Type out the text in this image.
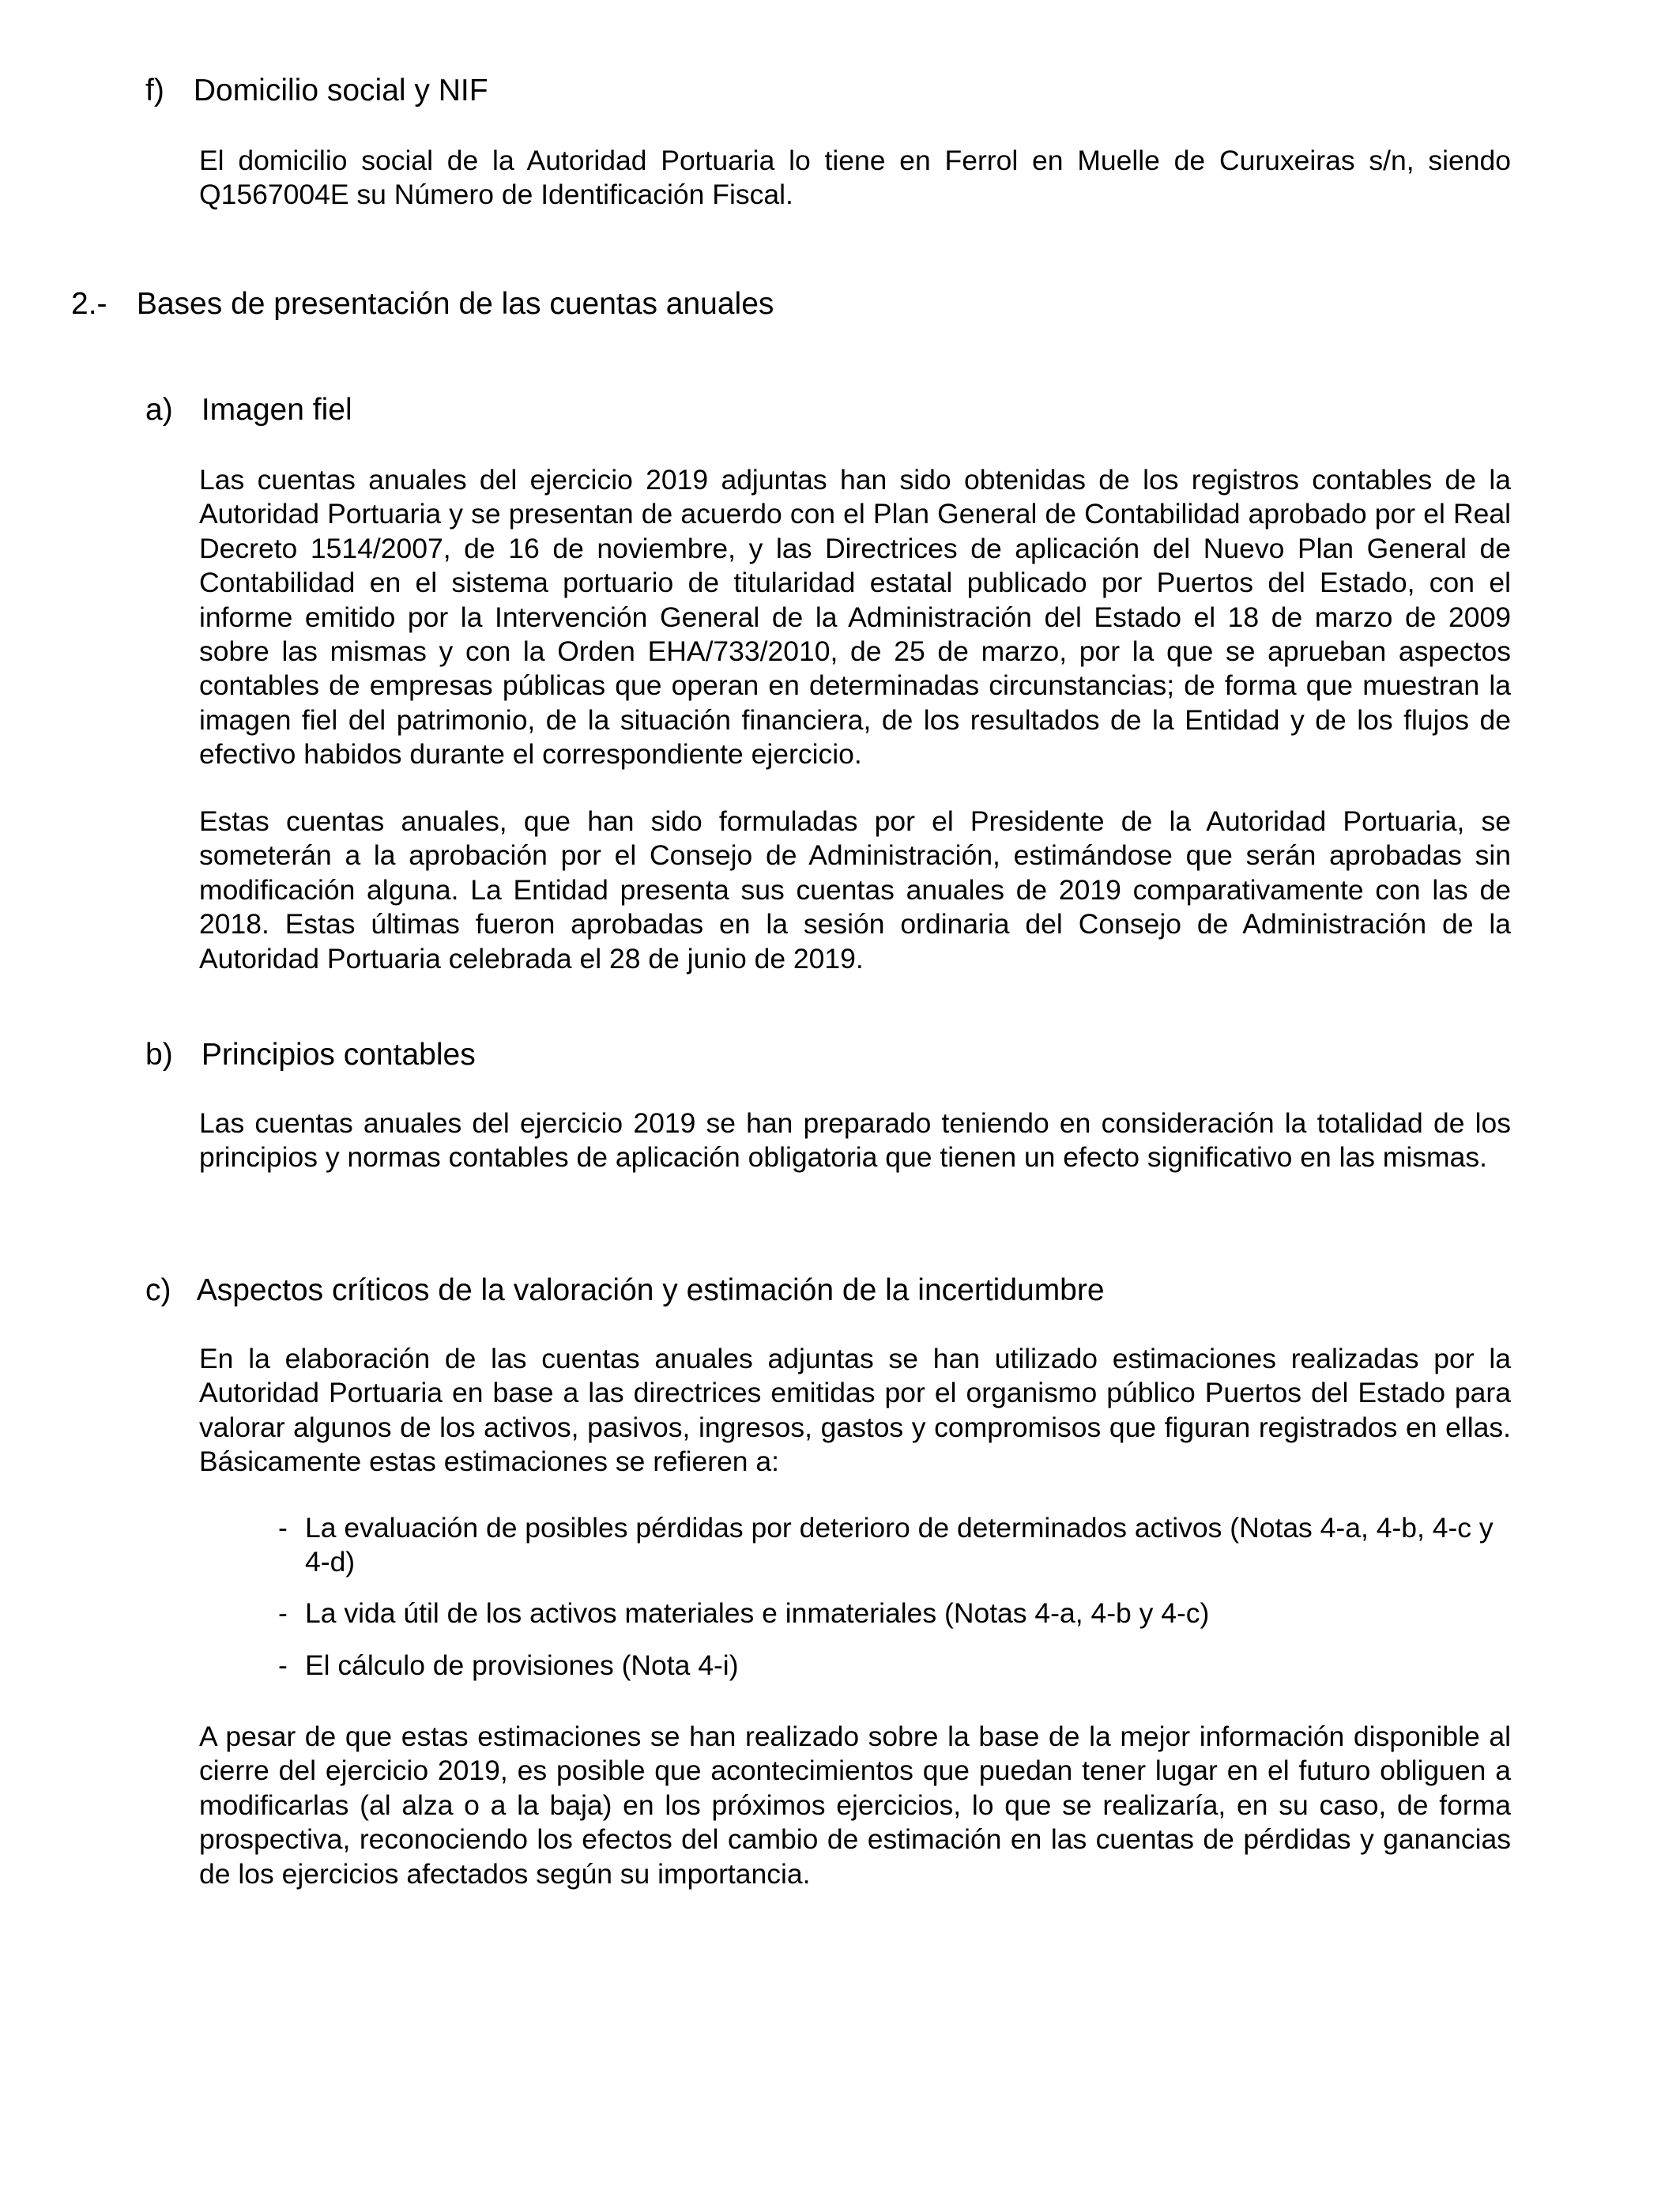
f) Domicilio social y NIF

El domicilio social de la Autoridad Portuaria lo tiene en Ferrol en Muelle de Curuxeiras s/n, siendo Q1567004E su Número de Identificación Fiscal.

2.- Bases de presentación de las cuentas anuales
a) Imagen fiel

Las cuentas anuales del ejercicio 2019 adjuntas han sido obtenidas de los registros contables de la Autoridad Portuaria y se presentan de acuerdo con el Plan General de Contabilidad aprobado por el Real Decreto 1514/2007, de 16 de noviembre, y las Directrices de aplicación del Nuevo Plan General de Contabilidad en el sistema portuario de titularidad estatal publicado por Puertos del Estado, con el informe emitido por la Intervención General de la Administración del Estado el 18 de marzo de 2009 sobre las mismas y con la Orden EHA/733/2010, de 25 de marzo, por la que se aprueban aspectos contables de empresas públicas que operan en determinadas circunstancias; de forma que muestran la imagen fiel del patrimonio, de la situación financiera, de los resultados de la Entidad y de los flujos de efectivo habidos durante el correspondiente ejercicio.

Estas cuentas anuales, que han sido formuladas por el Presidente de la Autoridad Portuaria, se someterán a la aprobación por el Consejo de Administración, estimándose que serán aprobadas sin modificación alguna. La Entidad presenta sus cuentas anuales de 2019 comparativamente con las de 2018. Estas últimas fueron aprobadas en la sesión ordinaria del Consejo de Administración de la Autoridad Portuaria celebrada el 28 de junio de 2019.

b) Principios contables

Las cuentas anuales del ejercicio 2019 se han preparado teniendo en consideración la totalidad de los principios y normas contables de aplicación obligatoria que tienen un efecto significativo en las mismas.

c) Aspectos críticos de la valoración y estimación de la incertidumbre

En la elaboración de las cuentas anuales adjuntas se han utilizado estimaciones realizadas por la Autoridad Portuaria en base a las directrices emitidas por el organismo público Puertos del Estado para valorar algunos de los activos, pasivos, ingresos, gastos y compromisos que figuran registrados en ellas. Básicamente estas estimaciones se refieren a:

- La evaluación de posibles pérdidas por deterioro de determinados activos (Notas 4-a, 4-b, 4-c y 4-d)
- La vida útil de los activos materiales e inmateriales (Notas 4-a, 4-b y 4-c)
- El cálculo de provisiones (Nota 4-i)

A pesar de que estas estimaciones se han realizado sobre la base de la mejor información disponible al cierre del ejercicio 2019, es posible que acontecimientos que puedan tener lugar en el futuro obliguen a modificarlas (al alza o a la baja) en los próximos ejercicios, lo que se realizaría, en su caso, de forma prospectiva, reconociendo los efectos del cambio de estimación en las cuentas de pérdidas y ganancias de los ejercicios afectados según su importancia.
